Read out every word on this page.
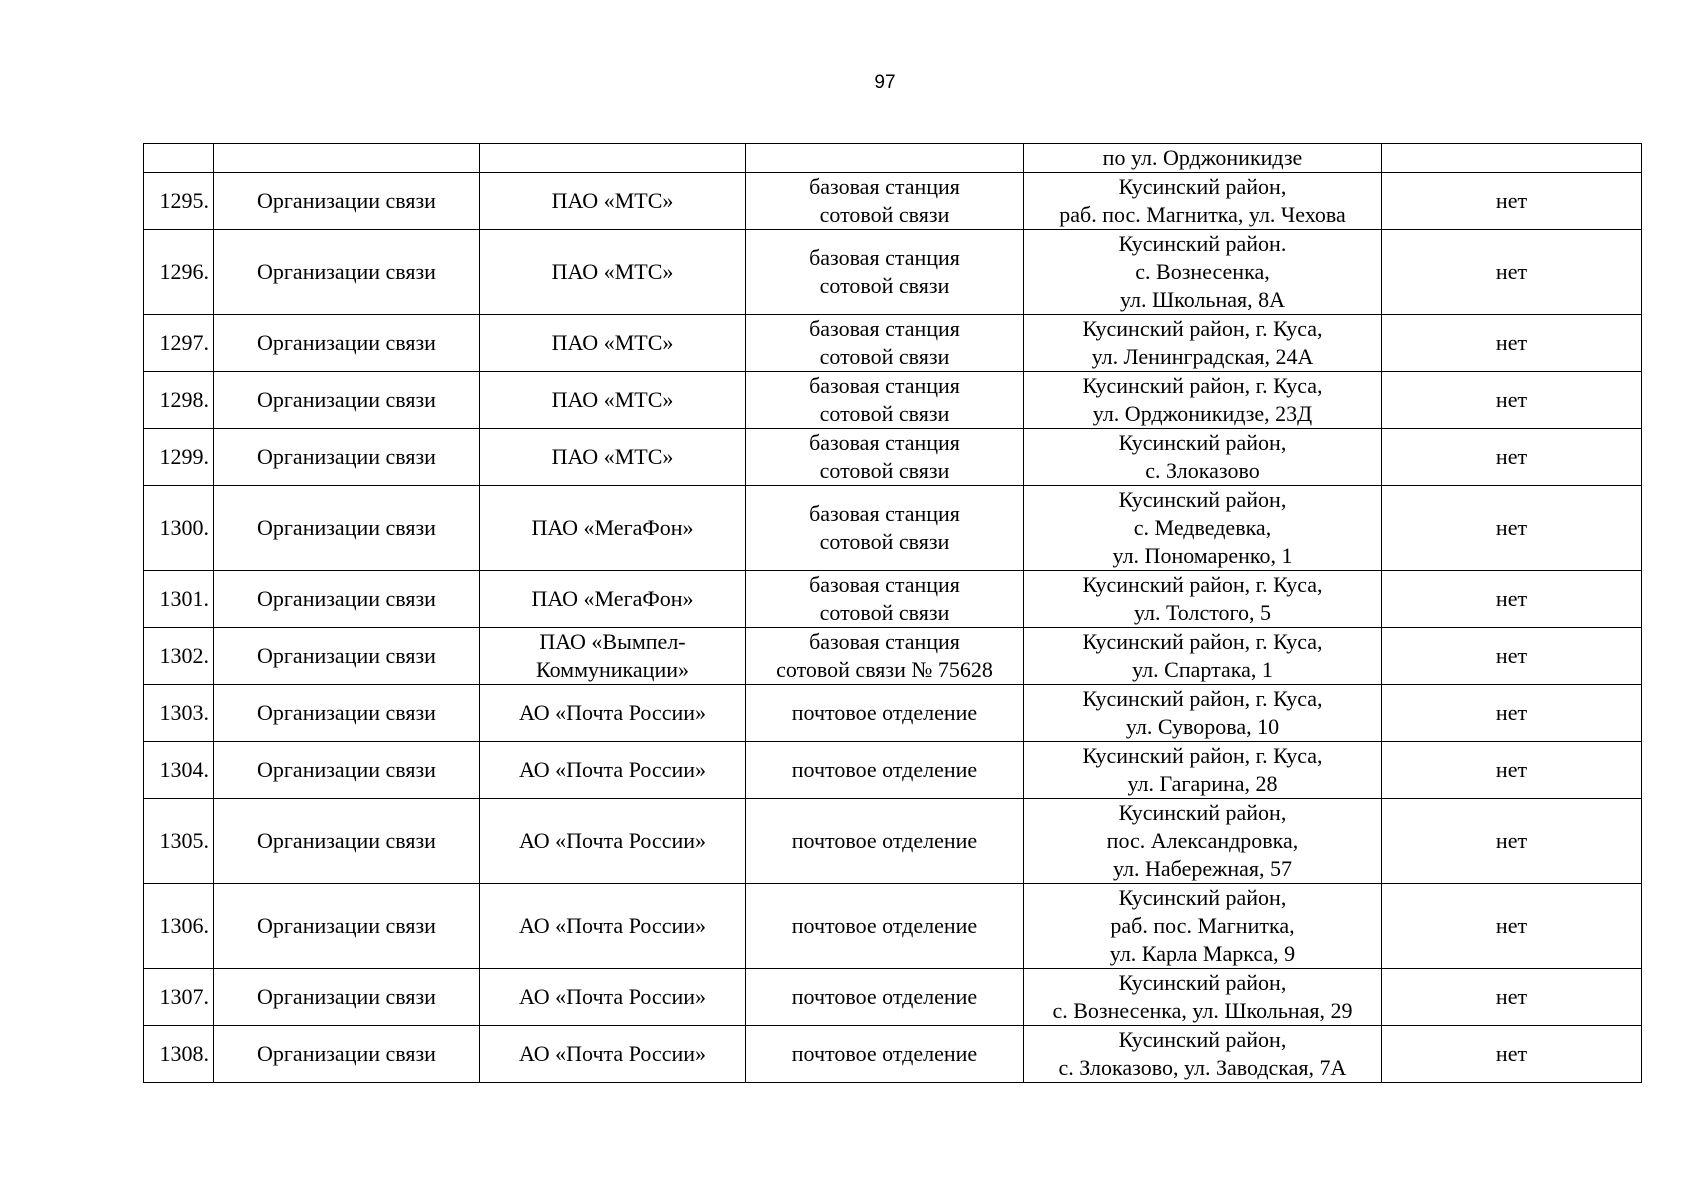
97

				по ул. Орджоникидзе	

1295.	Организации связи	ПАО «МТС»	базовая станция
сотовой связи	Кусинский район,
раб. пос. Магнитка, ул. Чехова	нет
1296.	Организации связи	ПАО «МТС»	базовая станция
сотовой связи	Кусинский район.
с. Вознесенка,
ул. Школьная, 8А	нет
1297.	Организации связи	ПАО «МТС»	базовая станция
сотовой связи	Кусинский район, г. Куса,
ул. Ленинградская, 24А	нет
1298.	Организации связи	ПАО «МТС»	базовая станция
сотовой связи	Кусинский район, г. Куса,
ул. Орджоникидзе, 23Д	нет
1299.	Организации связи	ПАО «МТС»	базовая станция
сотовой связи	Кусинский район,
с. Злоказово	нет
1300.	Организации связи	ПАО «МегаФон»	базовая станция
сотовой связи	Кусинский район,
с. Медведевка,
ул. Пономаренко, 1	нет
1301.	Организации связи	ПАО «МегаФон»	базовая станция
сотовой связи	Кусинский район, г. Куса,
ул. Толстого, 5	нет
1302.	Организации связи	ПАО «Вымпел-
Коммуникации»	базовая станция
сотовой связи № 75628	Кусинский район, г. Куса,
ул. Спартака, 1	нет
1303.	Организации связи	АО «Почта России»	почтовое отделение	Кусинский район, г. Куса,
ул. Суворова, 10	нет
1304.	Организации связи	АО «Почта России»	почтовое отделение	Кусинский район, г. Куса,
ул. Гагарина, 28	нет
1305.	Организации связи	АО «Почта России»	почтовое отделение	Кусинский район,
пос. Александровка,
ул. Набережная, 57	нет
1306.	Организации связи	АО «Почта России»	почтовое отделение	Кусинский район,
раб. пос. Магнитка,
ул. Карла Маркса, 9	нет
1307.	Организации связи	АО «Почта России»	почтовое отделение	Кусинский район,
с. Вознесенка, ул. Школьная, 29	нет
1308.	Организации связи	АО «Почта России»	почтовое отделение	Кусинский район,
с. Злоказово, ул. Заводская, 7А	нет
